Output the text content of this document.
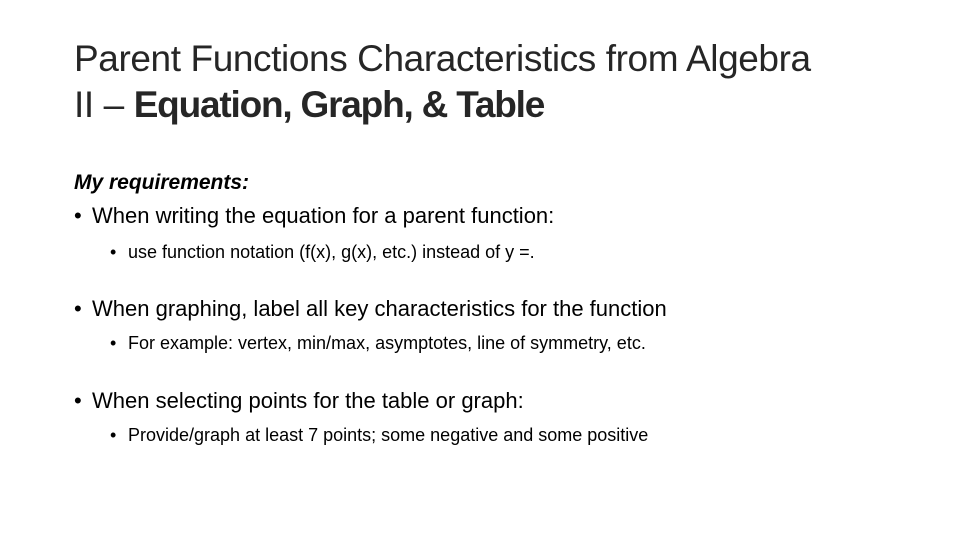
Parent Functions Characteristics from Algebra
II – Equation, Graph, & Table
My requirements:
• When writing the equation for a parent function:
• use function notation (f(x), g(x), etc.) instead of y =.
• When graphing, label all key characteristics for the function
• For example: vertex, min/max, asymptotes, line of symmetry, etc.
• When selecting points for the table or graph:
• Provide/graph at least 7 points; some negative and some positive
